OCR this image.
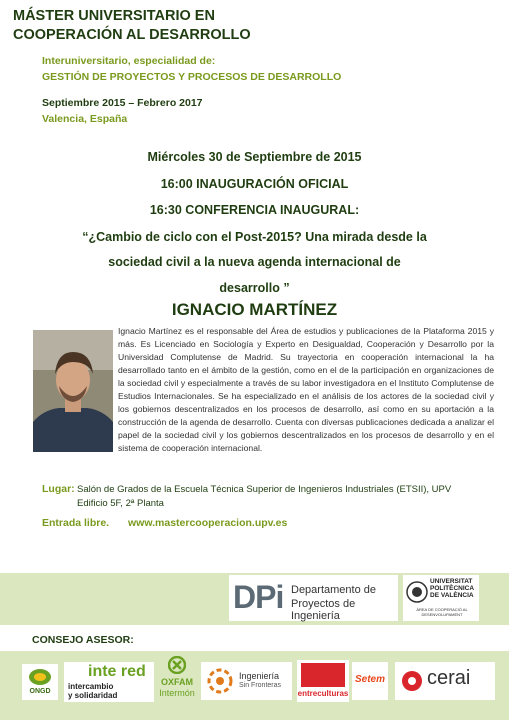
MÁSTER UNIVERSITARIO EN
COOPERACIÓN AL DESARROLLO
Interuniversitario, especialidad de:
GESTIÓN DE PROYECTOS Y PROCESOS DE DESARROLLO
Septiembre 2015 – Febrero 2017
Valencia, España
Miércoles 30 de Septiembre de 2015
16:00 INAUGURACIÓN OFICIAL
16:30 CONFERENCIA INAUGURAL:
“¿Cambio de ciclo con el Post-2015? Una mirada desde la
sociedad civil a la nueva agenda internacional de
desarrollo ”
IGNACIO MARTÍNEZ
Ignacio Martínez es el responsable del Área de estudios y publicaciones de la Plataforma 2015 y más. Es Licenciado en Sociología y Experto en Desigualdad, Cooperación y Desarrollo por la Universidad Complutense de Madrid. Su trayectoria en cooperación internacional la ha desarrollado tanto en el ámbito de la gestión, como en el de la participación en organizaciones de la sociedad civil y especialmente a través de su labor investigadora en el Instituto Complutense de Estudios Internacionales. Se ha especializado en el análisis de los actores de la sociedad civil y los gobiernos descentralizados en los procesos de desarrollo, así como en su aportación a la construcción de la agenda de desarrollo. Cuenta con diversas publicaciones dedicada a analizar el papel de la sociedad civil y los gobiernos descentralizados en los procesos de desarrollo y en el sistema de cooperación internacional.
Lugar: Salón de Grados de la Escuela Técnica Superior de Ingenieros Industriales (ETSII), UPV
Edificio 5F, 2ª Planta
Entrada libre. www.mastercooperacion.upv.es
DPi Departamento de
Proyectos de Ingeniería
UNIVERSITAT
POLITÈCNICA
DE VALÈNCIA
ÀREA DE COOPERACIÓ AL DESENVOLUPAMENT
CONSEJO ASESOR:
ONGD
inte red
intercambio
y solidaridad
OXFAM
Intermón
Ingeniería
Sin Fronteras
entreculturas
Setem cerai
